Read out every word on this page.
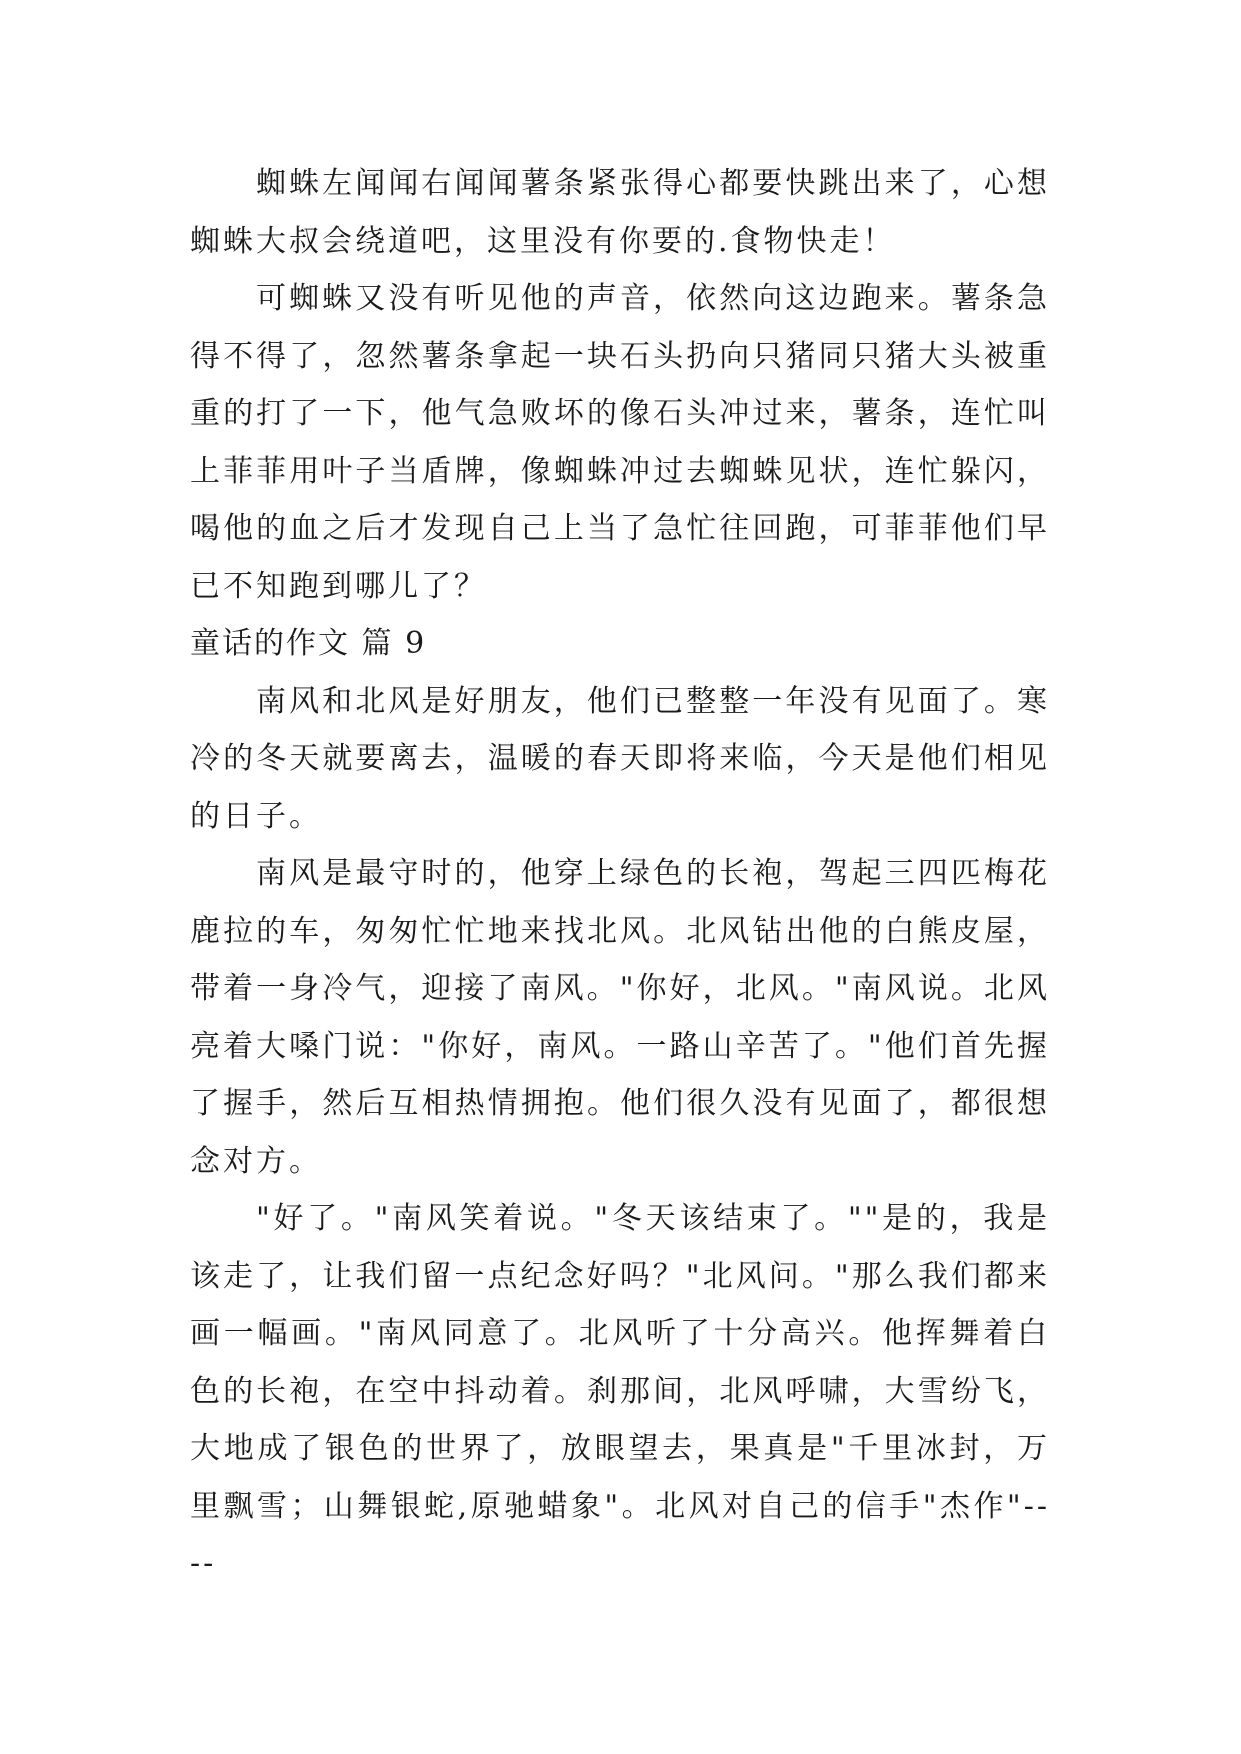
蜘蛛左闻闻右闻闻薯条紧张得心都要快跳出来了，心想蜘蛛大叔会绕道吧，这里没有你要的.食物快走！

可蜘蛛又没有听见他的声音，依然向这边跑来。薯条急得不得了，忽然薯条拿起一块石头扔向只猪同只猪大头被重重的打了一下，他气急败坏的像石头冲过来，薯条，连忙叫上菲菲用叶子当盾牌，像蜘蛛冲过去蜘蛛见状，连忙躲闪，喝他的血之后才发现自己上当了急忙往回跑，可菲菲他们早已不知跑到哪儿了？

童话的作文 篇 9

南风和北风是好朋友，他们已整整一年没有见面了。寒冷的冬天就要离去，温暖的春天即将来临，今天是他们相见的日子。

南风是最守时的，他穿上绿色的长袍，驾起三四匹梅花鹿拉的车，匆匆忙忙地来找北风。北风钻出他的白熊皮屋，带着一身冷气，迎接了南风。"你好，北风。"南风说。北风亮着大嗓门说："你好，南风。一路山辛苦了。"他们首先握了握手，然后互相热情拥抱。他们很久没有见面了，都很想念对方。

"好了。"南风笑着说。"冬天该结束了。""是的，我是该走了，让我们留一点纪念好吗？"北风问。"那么我们都来画一幅画。"南风同意了。北风听了十分高兴。他挥舞着白色的长袍，在空中抖动着。刹那间，北风呼啸，大雪纷飞，大地成了银色的世界了，放眼望去，果真是"千里冰封，万里飘雪；山舞银蛇,原驰蜡象"。北风对自己的信手"杰作"----
